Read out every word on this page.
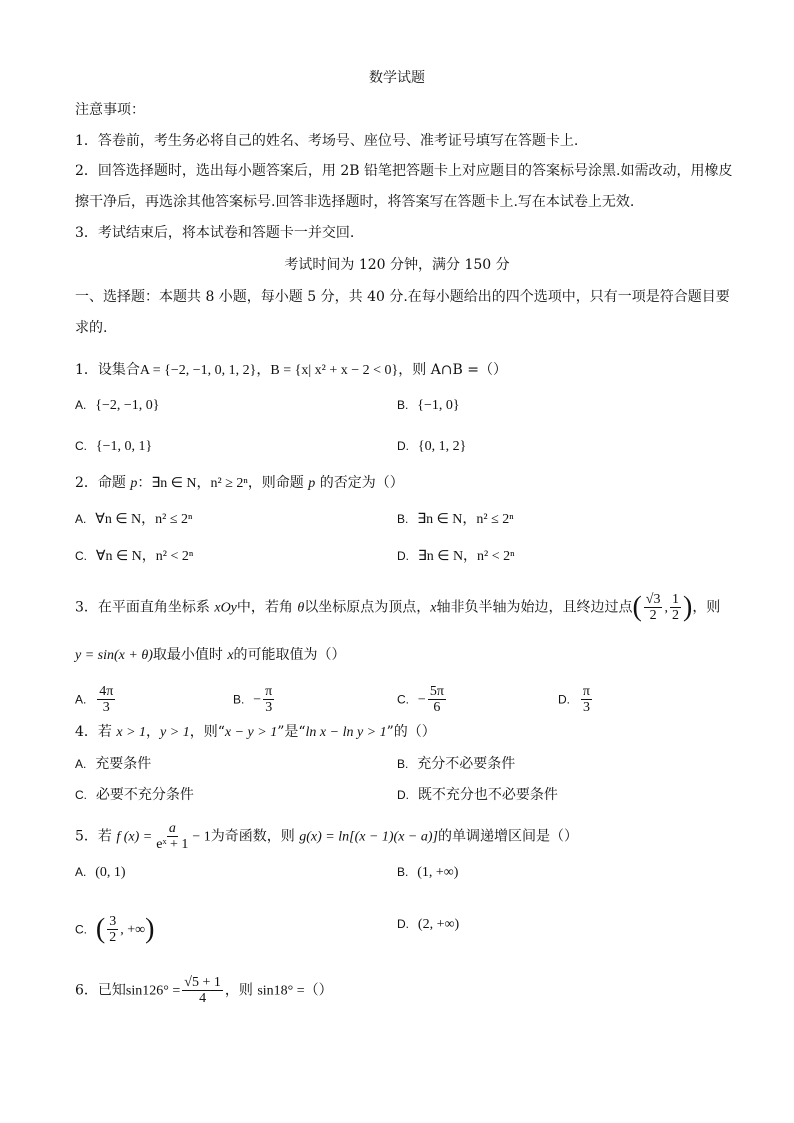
数学试题
注意事项：
1．答卷前，考生务必将自己的姓名、考场号、座位号、准考证号填写在答题卡上.
2．回答选择题时，选出每小题答案后，用 2B 铅笔把答题卡上对应题目的答案标号涂黑.如需改动，用橡皮
擦干净后，再选涂其他答案标号.回答非选择题时，将答案写在答题卡上.写在本试卷上无效.
3．考试结束后，将本试卷和答题卡一并交回.
考试时间为 120 分钟，满分 150 分
一、选择题：本题共 8 小题，每小题 5 分，共 40 分.在每小题给出的四个选项中，只有一项是符合题目要
求的.
1．设集合A = {−2, −1, 0, 1, 2}，B = {x| x² + x − 2 < 0}，则 A∩B =（）
A. {−2, −1, 0}	B. {−1, 0}
C. {−1, 0, 1}	D. {0, 1, 2}
2．命题 p：∃n ∈ N，n² ≥ 2ⁿ，则命题 p 的否定为（）
A. ∀n ∈ N，n² ≤ 2ⁿ	B. ∃n ∈ N，n² ≤ 2ⁿ
C. ∀n ∈ N，n² < 2ⁿ	D. ∃n ∈ N，n² < 2ⁿ
3．在平面直角坐标系 xOy中，若角 θ以坐标原点为顶点，x轴非负半轴为始边，且终边过点( $\frac{√3}{2}$ , $\frac{1}{2}$ )，则
y = sin(x + θ)取最小值时 x的可能取值为（）
A. $\frac{4\pi}{3}$	B. − $\frac{\pi}{3}$	C. − $\frac{5\pi}{6}$	D. $\frac{\pi}{3}$
4．若 x > 1，y > 1，则“x − y > 1”是“ln x − ln y > 1”的（）
A. 充要条件	B. 充分不必要条件
C. 必要不充分条件	D. 既不充分也不必要条件
5．若 f $(x) = \frac{a}{\text{eˣ + 1}} - 1$为奇函数，则 g(x) = ln[(x − 1)(x − a)]的单调递增区间是（）
A. (0, 1)	B. (1, +∞)
C. ( $\frac{3}{2}$ , +∞)	D. (2, +∞)
6．已知$\sin 126^\circ = \frac{√5 + 1}{4}$ ，则 sin18° =（）
